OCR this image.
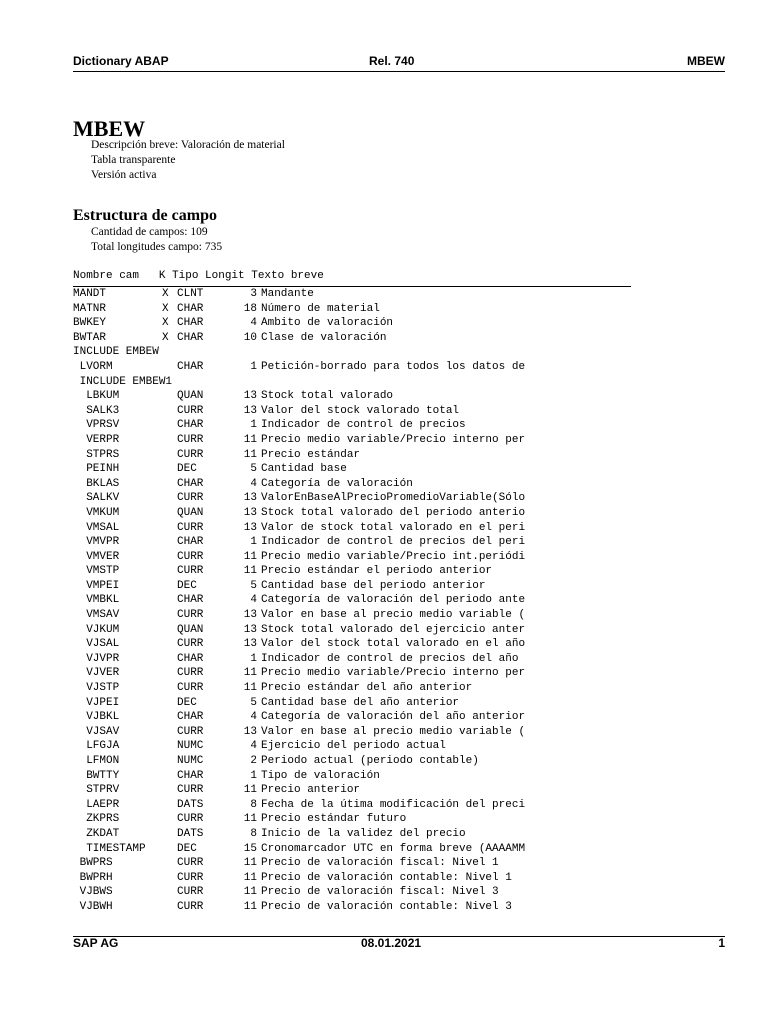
Dictionary ABAP	Rel. 740	MBEW
MBEW
Descripción breve: Valoración de material
Tabla transparente
Versión activa
Estructura de campo
Cantidad de campos: 109
Total longitudes campo: 735
Nombre cam   K Tipo Longit Texto breve
MANDT	X CLNT	3 Mandante
MATNR	X CHAR	18 Número de material
BWKEY	X CHAR	4 Ámbito de valoración
BWTAR	X CHAR	10 Clase de valoración
INCLUDE EMBEW
LVORM	CHAR	1 Petición-borrado para todos los datos de
INCLUDE EMBEW1
LBKUM	QUAN	13 Stock total valorado
SALK3	CURR	13 Valor del stock valorado total
VPRSV	CHAR	1 Indicador de control de precios
VERPR	CURR	11 Precio medio variable/Precio interno per
STPRS	CURR	11 Precio estándar
PEINH	DEC	5 Cantidad base
BKLAS	CHAR	4 Categoría de valoración
SALKV	CURR	13 ValorEnBaseAlPrecioPromedioVariable(Sólo
VMKUM	QUAN	13 Stock total valorado del periodo anterio
VMSAL	CURR	13 Valor de stock total valorado en el peri
VMVPR	CHAR	1 Indicador de control de precios del peri
VMVER	CURR	11 Precio medio variable/Precio int.periódi
VMSTP	CURR	11 Precio estándar el periodo anterior
VMPEI	DEC	5 Cantidad base del periodo anterior
VMBKL	CHAR	4 Categoría de valoración del periodo ante
VMSAV	CURR	13 Valor en base al precio medio variable (
VJKUM	QUAN	13 Stock total valorado del ejercicio anter
VJSAL	CURR	13 Valor del stock total valorado en el año
VJVPR	CHAR	1 Indicador de control de precios del año
VJVER	CURR	11 Precio medio variable/Precio interno per
VJSTP	CURR	11 Precio estándar del año anterior
VJPEI	DEC	5 Cantidad base del año anterior
VJBKL	CHAR	4 Categoría de valoración del año anterior
VJSAV	CURR	13 Valor en base al precio medio variable (
LFGJA	NUMC	4 Ejercicio del periodo actual
LFMON	NUMC	2 Periodo actual (periodo contable)
BWTTY	CHAR	1 Tipo de valoración
STPRV	CURR	11 Precio anterior
LAEPR	DATS	8 Fecha de la útima modificación del preci
ZKPRS	CURR	11 Precio estándar futuro
ZKDAT	DATS	8 Inicio de la validez del precio
TIMESTAMP	DEC	15 Cronomarcador UTC en forma breve (AAAAMM
BWPRS	CURR	11 Precio de valoración fiscal: Nivel 1
BWPRH	CURR	11 Precio de valoración contable: Nivel 1
VJBWS	CURR	11 Precio de valoración fiscal: Nivel 3
VJBWH	CURR	11 Precio de valoración contable: Nivel 3
SAP AG	08.01.2021	1
